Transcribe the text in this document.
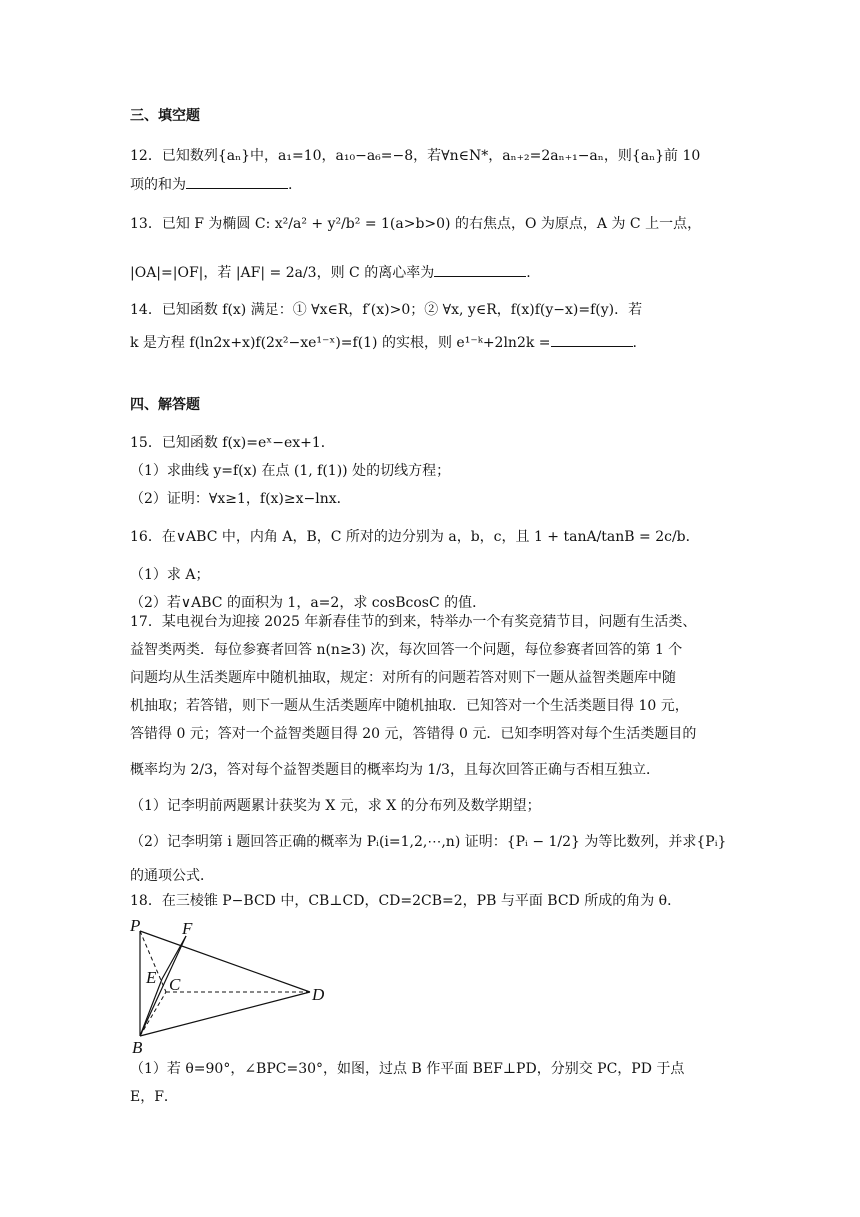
三、填空题
12．已知数列{aₙ}中，a₁=10，a₁₀−a₆=−8，若∀n∈N*，aₙ₊₂=2aₙ₊₁−aₙ，则{aₙ}前 10
项的和为	.
13．已知 F 为椭圆 C: x²/a² + y²/b² = 1(a>b>0) 的右焦点，O 为原点，A 为 C 上一点，
|OA|=|OF|，若 |AF| = 2a/3，则 C 的离心率为	.
14．已知函数 f(x) 满足：① ∀x∈R，f′(x)>0；② ∀x, y∈R，f(x)f(y−x)=f(y)．若
k 是方程 f(ln2x+x)f(2x²−xe¹⁻ˣ)=f(1) 的实根，则 e¹⁻ᵏ+2ln2k =	.
四、解答题
15．已知函数 f(x)=eˣ−ex+1．
（1）求曲线 y=f(x) 在点 (1, f(1)) 处的切线方程；
（2）证明：∀x≥1，f(x)≥x−lnx．
16．在∨ABC 中，内角 A，B，C 所对的边分别为 a，b，c，且 1 + tanA/tanB = 2c/b．
（1）求 A；
（2）若∨ABC 的面积为 1，a=2，求 cosBcosC 的值．
17．某电视台为迎接 2025 年新春佳节的到来，特举办一个有奖竞猜节目，问题有生活类、
益智类两类．每位参赛者回答 n(n≥3) 次，每次回答一个问题，每位参赛者回答的第 1 个
问题均从生活类题库中随机抽取，规定：对所有的问题若答对则下一题从益智类题库中随
机抽取；若答错，则下一题从生活类题库中随机抽取．已知答对一个生活类题目得 10 元，
答错得 0 元；答对一个益智类题目得 20 元，答错得 0 元．已知李明答对每个生活类题目的
概率均为 2/3，答对每个益智类题目的概率均为 1/3，且每次回答正确与否相互独立．
（1）记李明前两题累计获奖为 X 元，求 X 的分布列及数学期望；
（2）记李明第 i 题回答正确的概率为 Pᵢ(i=1,2,⋯,n) 证明：{Pᵢ − 1/2} 为等比数列，并求{Pᵢ}
的通项公式．
18．在三棱锥 P−BCD 中，CB⊥CD，CD=2CB=2，PB 与平面 BCD 所成的角为 θ．
P F
E C
D
B
（1）若 θ=90°，∠BPC=30°，如图，过点 B 作平面 BEF⊥PD，分别交 PC，PD 于点
E，F．
